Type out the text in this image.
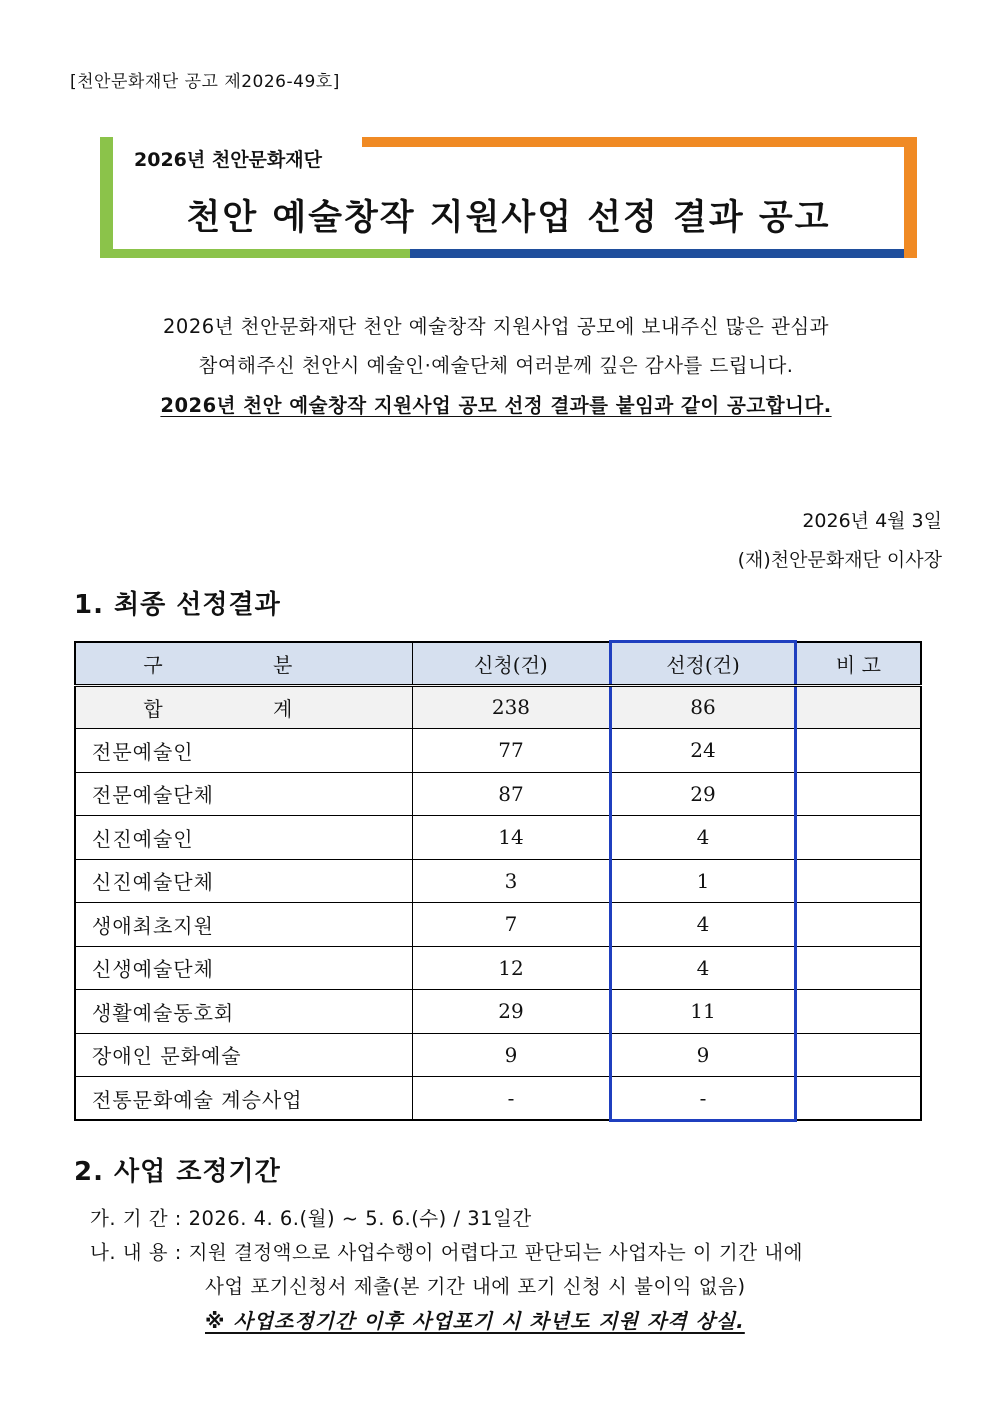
[천안문화재단 공고 제2026-49호]
2026년 천안문화재단
천안 예술창작 지원사업 선정 결과 공고
2026년 천안문화재단 천안 예술창작 지원사업 공모에 보내주신 많은 관심과
참여해주신 천안시 예술인·예술단체 여러분께 깊은 감사를 드립니다.
2026년 천안 예술창작 지원사업 공모 선정 결과를 붙임과 같이 공고합니다.
2026년 4월 3일
(재)천안문화재단 이사장
1. 최종 선정결과
구 분	신청(건)	선정(건)	비 고
합 계	238	86	
전문예술인	77	24	
전문예술단체	87	29	
신진예술인	14	4	
신진예술단체	3	1	
생애최초지원	7	4	
신생예술단체	12	4	
생활예술동호회	29	11	
장애인 문화예술	9	9	
전통문화예술 계승사업	-	-	
2. 사업 조정기간
가. 기 간 : 2026. 4. 6.(월) ~ 5. 6.(수) / 31일간
나. 내 용 : 지원 결정액으로 사업수행이 어렵다고 판단되는 사업자는 이 기간 내에
사업 포기신청서 제출(본 기간 내에 포기 신청 시 불이익 없음)
※ 사업조정기간 이후 사업포기 시 차년도 지원 자격 상실.
